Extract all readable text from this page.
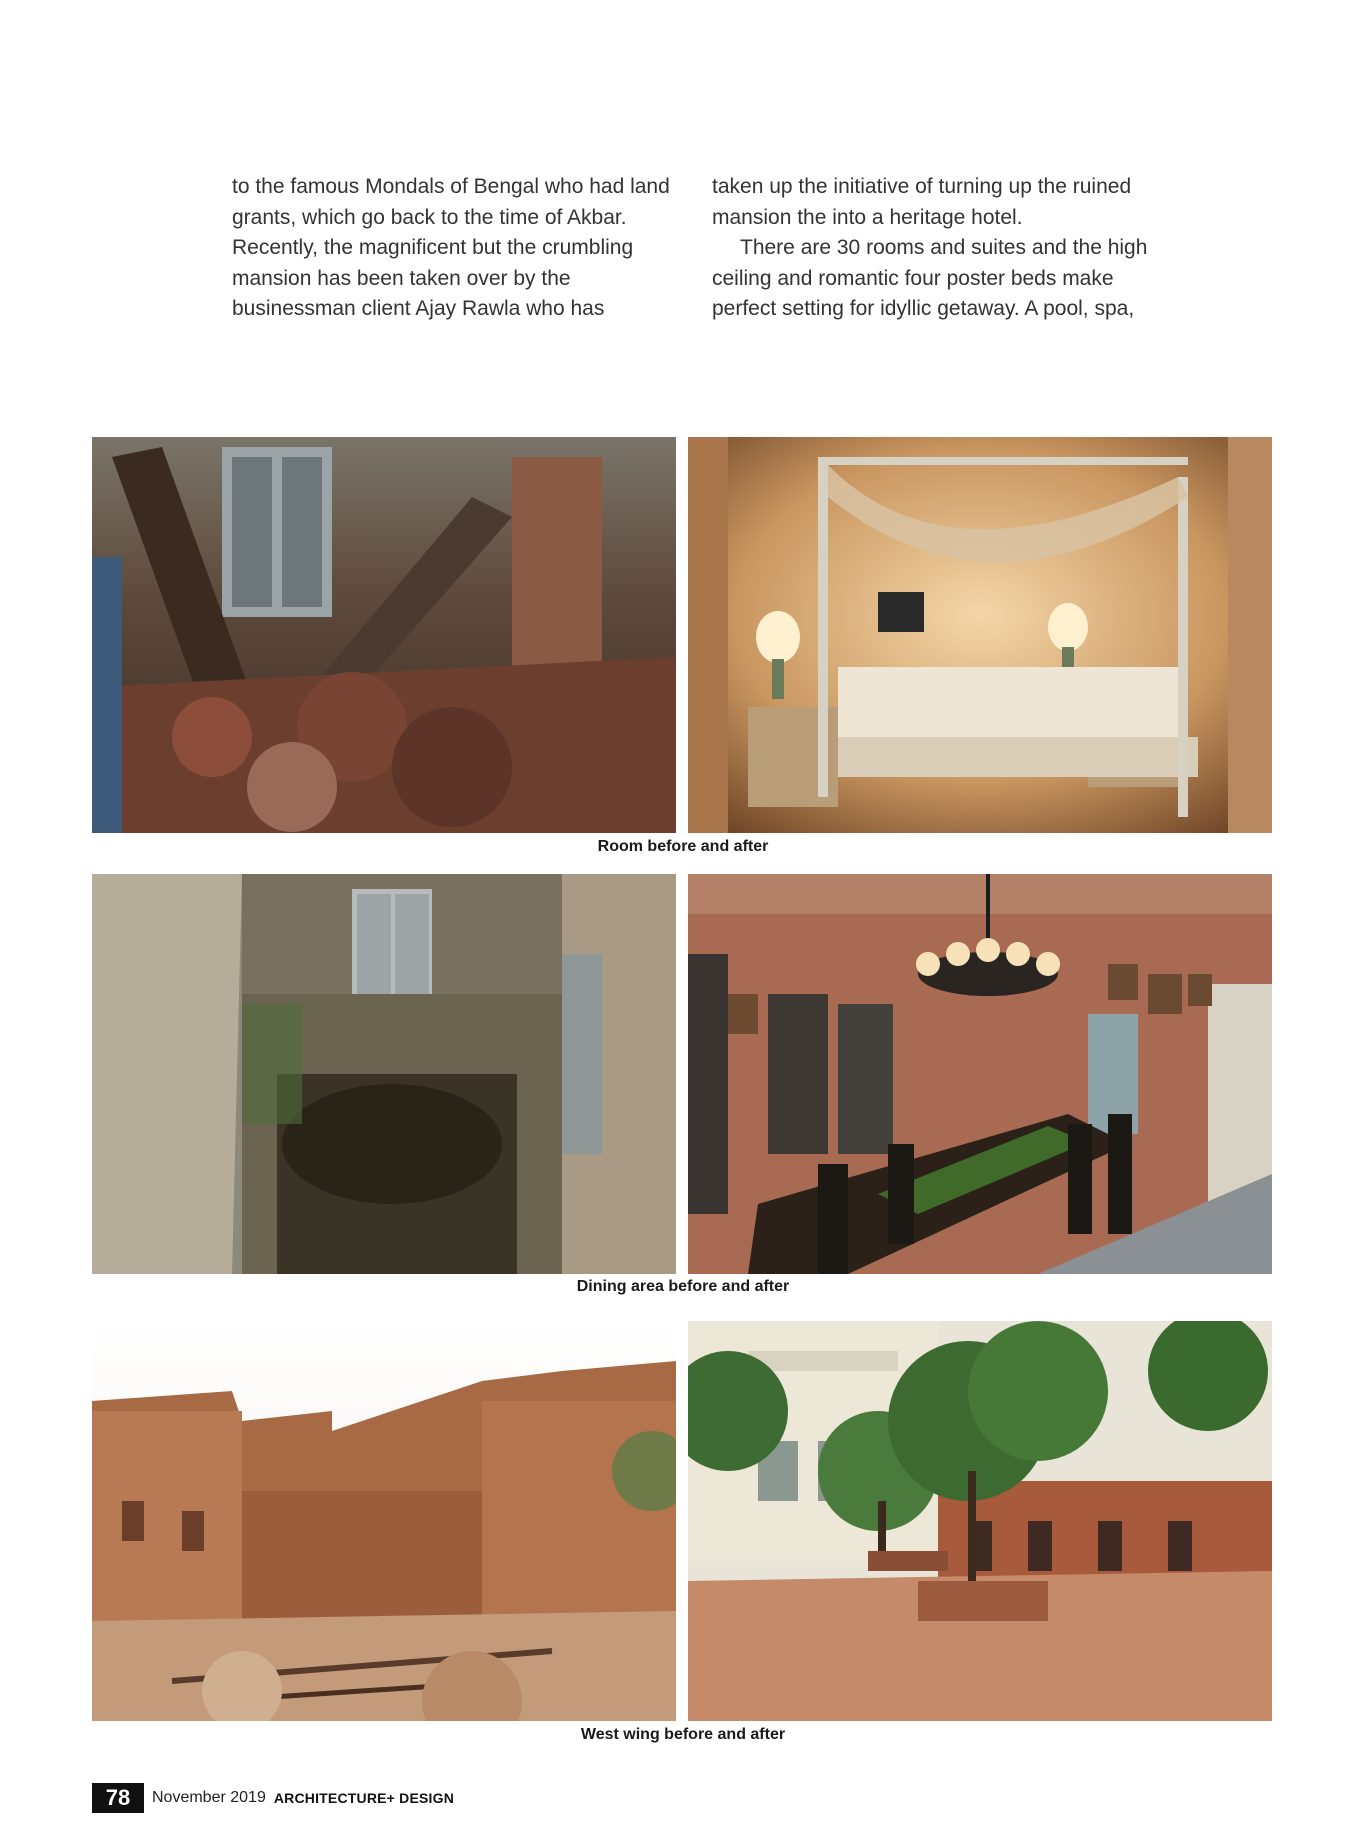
to the famous Mondals of Bengal who had land grants, which go back to the time of Akbar. Recently, the magnificent but the crumbling mansion has been taken over by the businessman client Ajay Rawla who has

taken up the initiative of turning up the ruined mansion the into a heritage hotel.

There are 30 rooms and suites and the high ceiling and romantic four poster beds make perfect setting for idyllic getaway. A pool, spa,

Room before and after
Dining area before and after
West wing before and after
78	November 2019 ARCHITECTURE+ DESIGN
